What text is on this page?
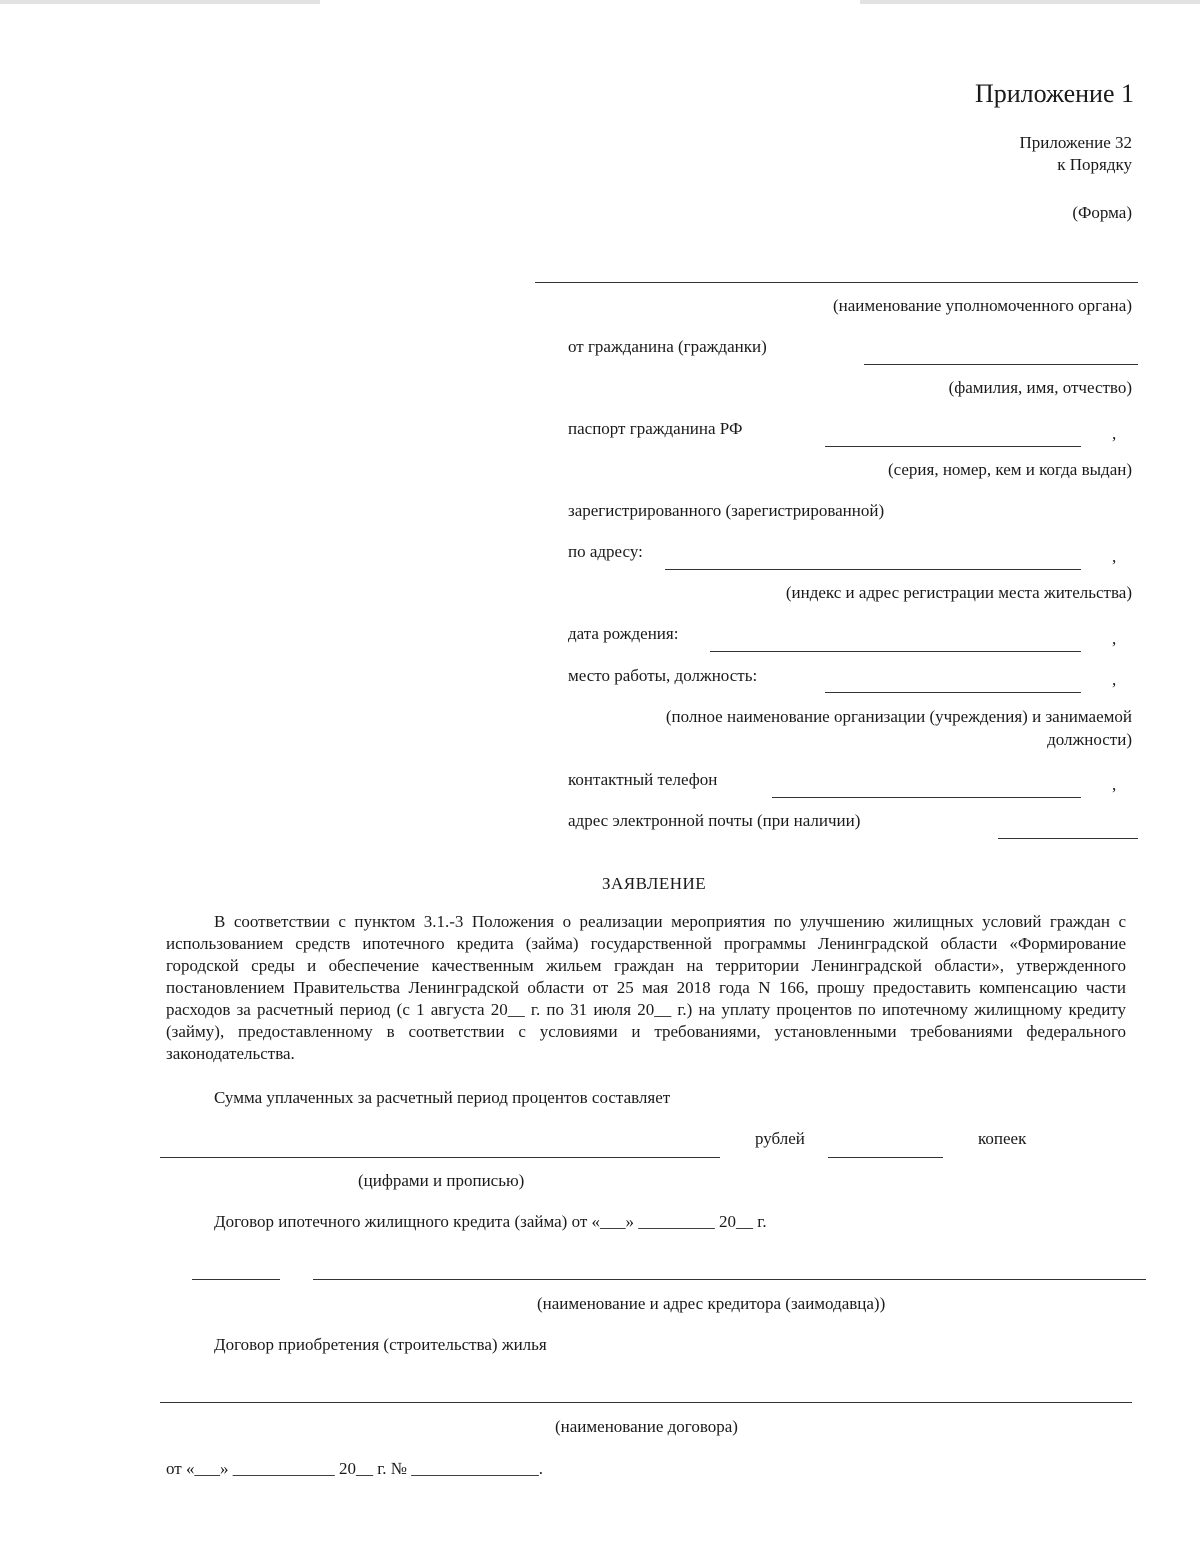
Приложение 1
Приложение 32
к Порядку
(Форма)
(наименование уполномоченного органа)
от гражданина (гражданки)
(фамилия, имя, отчество)
паспорт гражданина РФ	,
(серия, номер, кем и когда выдан)
зарегистрированного (зарегистрированной)
по адресу:	,
(индекс и адрес регистрации места жительства)
дата рождения:	,
место работы, должность:	,
(полное наименование организации (учреждения) и занимаемой
должности)
контактный телефон	,
адрес электронной почты (при наличии)
ЗАЯВЛЕНИЕ
В соответствии с пунктом 3.1.-3 Положения о реализации мероприятия по улучшению жилищных условий граждан с использованием средств ипотечного кредита (займа) государственной программы Ленинградской области «Формирование городской среды и обеспечение качественным жильем граждан на территории Ленинградской области», утвержденного постановлением Правительства Ленинградской области от 25 мая 2018 года N 166, прошу предоставить компенсацию части расходов за расчетный период (с 1 августа 20__ г. по 31 июля 20__ г.) на уплату процентов по ипотечному жилищному кредиту (займу), предоставленному в соответствии с условиями и требованиями, установленными требованиями федерального законодательства.
Сумма уплаченных за расчетный период процентов составляет
рублей	копеек
(цифрами и прописью)
Договор ипотечного жилищного кредита (займа) от «___» _________ 20__ г.
(наименование и адрес кредитора (заимодавца))
Договор приобретения (строительства) жилья
(наименование договора)
от «___» ____________ 20__ г. № _______________.
